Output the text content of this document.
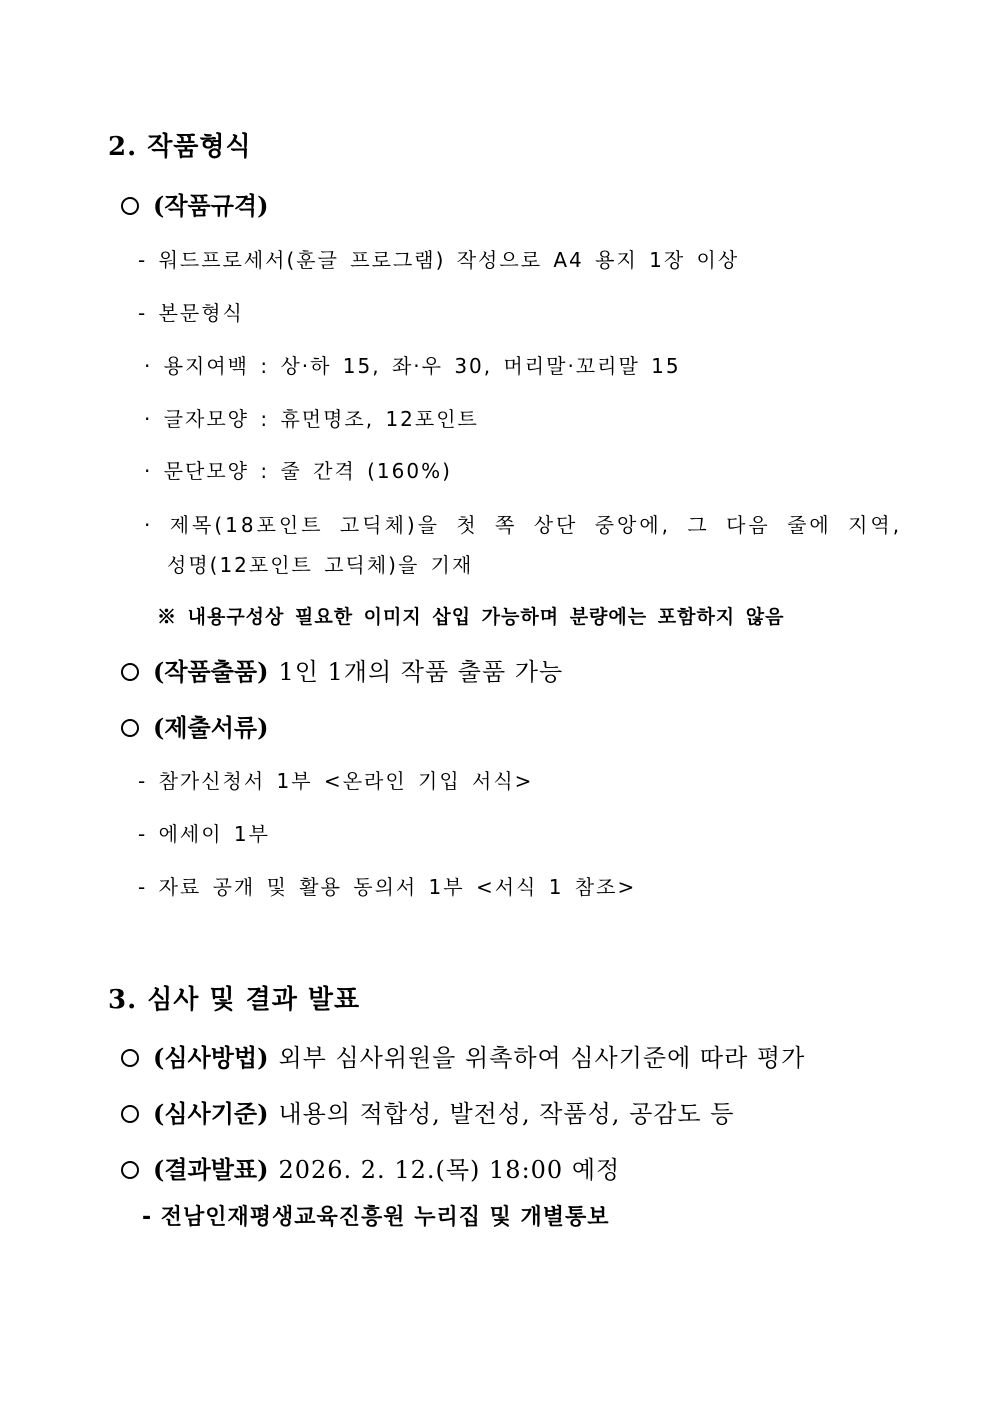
2. 작품형식
(작품규격)
- 워드프로세서(훈글 프로그램) 작성으로 A4 용지 1장 이상
- 본문형식
· 용지여백 : 상·하 15, 좌·우 30, 머리말·꼬리말 15
· 글자모양 : 휴먼명조, 12포인트
· 문단모양 : 줄 간격 (160%)
· 제목(18포인트 고딕체)을 첫 쪽 상단 중앙에, 그 다음 줄에 지역,
성명(12포인트 고딕체)을 기재
※ 내용구성상 필요한 이미지 삽입 가능하며 분량에는 포함하지 않음
(작품출품) 1인 1개의 작품 출품 가능
(제출서류)
- 참가신청서 1부 <온라인 기입 서식>
- 에세이 1부
- 자료 공개 및 활용 동의서 1부 <서식 1 참조>
3. 심사 및 결과 발표
(심사방법) 외부 심사위원을 위촉하여 심사기준에 따라 평가
(심사기준) 내용의 적합성, 발전성, 작품성, 공감도 등
(결과발표) 2026. 2. 12.(목) 18:00 예정
- 전남인재평생교육진흥원 누리집 및 개별통보
